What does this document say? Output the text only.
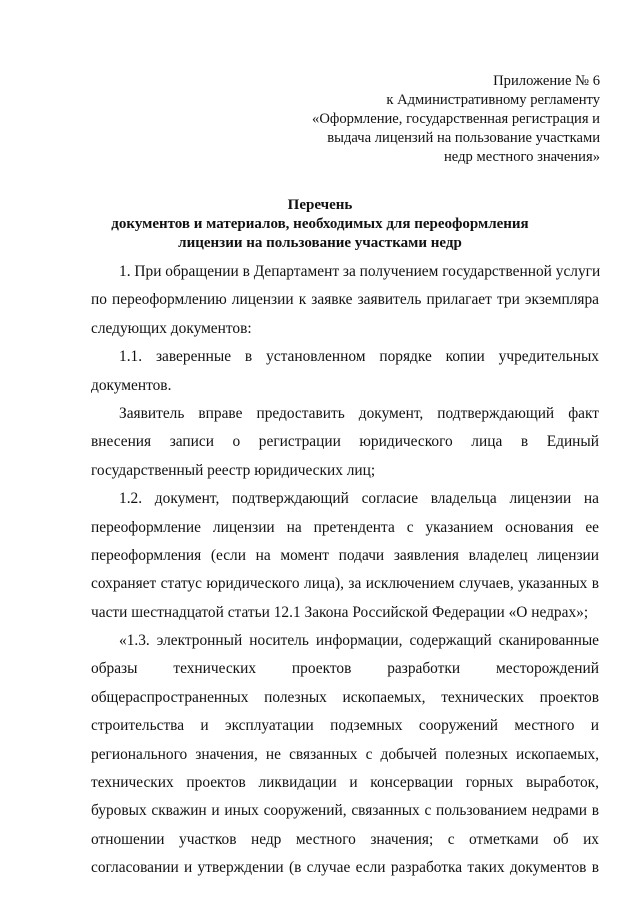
Приложение № 6
к Административному регламенту
«Оформление, государственная регистрация и
выдача лицензий на пользование участками
недр местного значения»
Перечень
документов и материалов, необходимых для переоформления
лицензии на пользование участками недр
1. При обращении в Департамент за получением государственной услуги
по переоформлению лицензии к заявке заявитель прилагает три экземпляра
следующих документов:
1.1. заверенные в установленном порядке копии учредительных
документов.
Заявитель вправе предоставить документ, подтверждающий факт
внесения записи о регистрации юридического лица в Единый
государственный реестр юридических лиц;
1.2. документ, подтверждающий согласие владельца лицензии на
переоформление лицензии на претендента с указанием основания ее
переоформления (если на момент подачи заявления владелец лицензии
сохраняет статус юридического лица), за исключением случаев, указанных в
части шестнадцатой статьи 12.1 Закона Российской Федерации «О недрах»;
«1.3. электронный носитель информации, содержащий сканированные
образы технических проектов разработки месторождений
общераспространенных полезных ископаемых, технических проектов
строительства и эксплуатации подземных сооружений местного и
регионального значения, не связанных с добычей полезных ископаемых,
технических проектов ликвидации и консервации горных выработок,
буровых скважин и иных сооружений, связанных с пользованием недрами в
отношении участков недр местного значения; с отметками об их
согласовании и утверждении (в случае если разработка таких документов в
